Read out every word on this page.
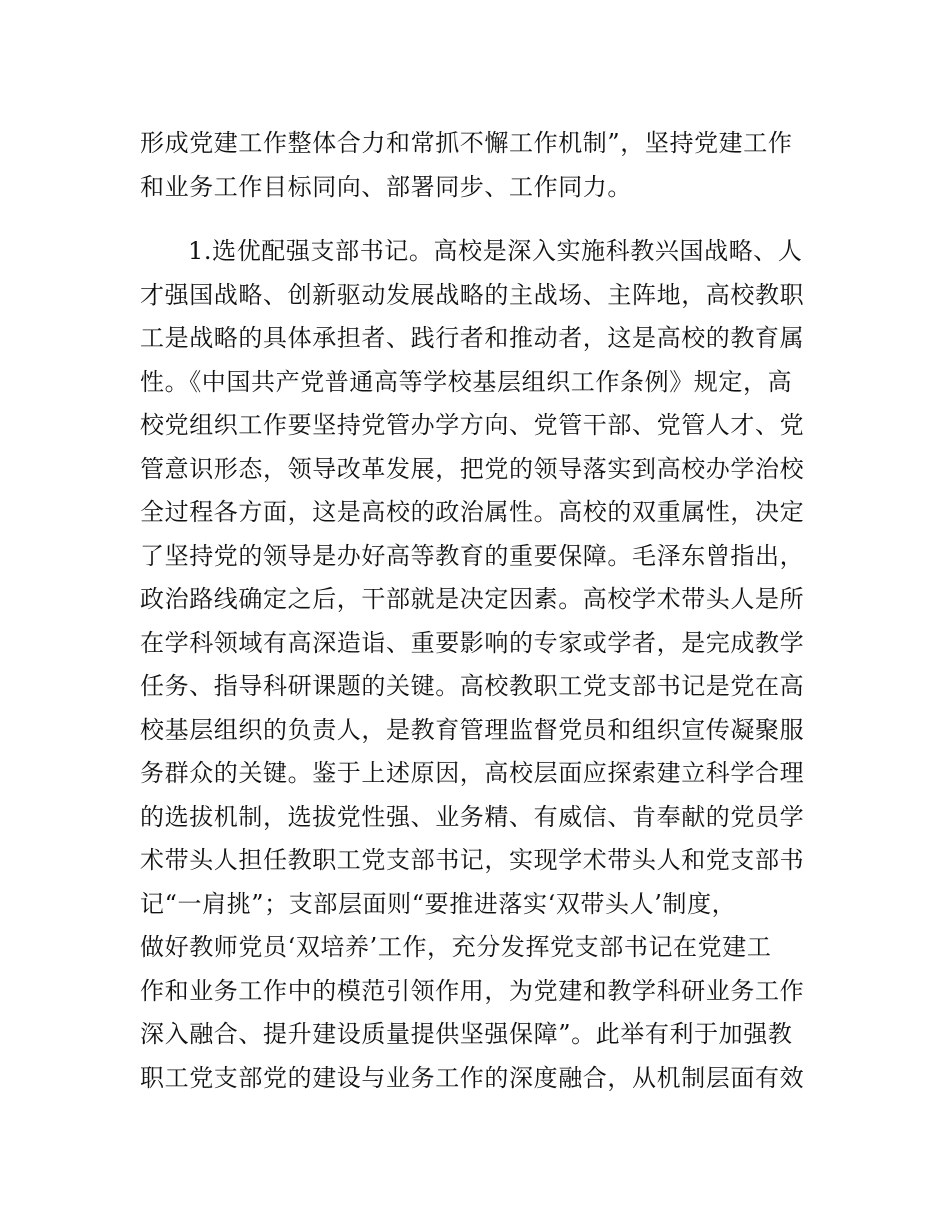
形成党建工作整体合力和常抓不懈工作机制”，坚持党建工作
和业务工作目标同向、部署同步、工作同力。
1.选优配强支部书记。高校是深入实施科教兴国战略、人
才强国战略、创新驱动发展战略的主战场、主阵地，高校教职
工是战略的具体承担者、践行者和推动者，这是高校的教育属
性。《中国共产党普通高等学校基层组织工作条例》规定，高
校党组织工作要坚持党管办学方向、党管干部、党管人才、党
管意识形态，领导改革发展，把党的领导落实到高校办学治校
全过程各方面，这是高校的政治属性。高校的双重属性，决定
了坚持党的领导是办好高等教育的重要保障。毛泽东曾指出，
政治路线确定之后，干部就是决定因素。高校学术带头人是所
在学科领域有高深造诣、重要影响的专家或学者，是完成教学
任务、指导科研课题的关键。高校教职工党支部书记是党在高
校基层组织的负责人，是教育管理监督党员和组织宣传凝聚服
务群众的关键。鉴于上述原因，高校层面应探索建立科学合理
的选拔机制，选拔党性强、业务精、有威信、肯奉献的党员学
术带头人担任教职工党支部书记，实现学术带头人和党支部书
记“一肩挑”；支部层面则“要推进落实‘双带头人’制度，
做好教师党员‘双培养’工作，充分发挥党支部书记在党建工
作和业务工作中的模范引领作用，为党建和教学科研业务工作
深入融合、提升建设质量提供坚强保障”。此举有利于加强教
职工党支部党的建设与业务工作的深度融合，从机制层面有效
